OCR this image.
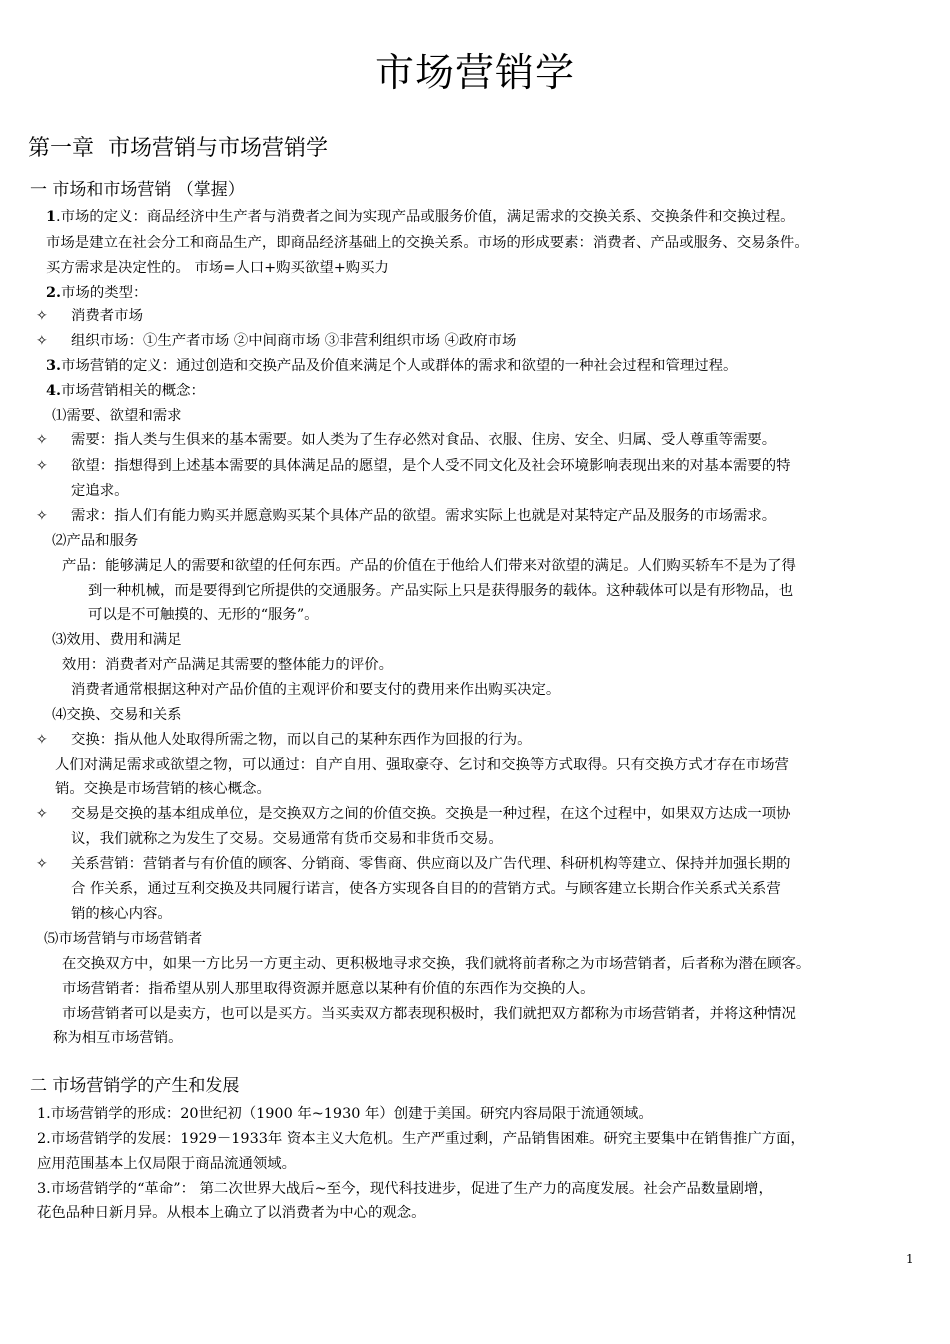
市场营销学
第一章 市场营销与市场营销学
一 市场和市场营销 （掌握）
1.市场的定义：商品经济中生产者与消费者之间为实现产品或服务价值，满足需求的交换关系、交换条件和交换过程。
市场是建立在社会分工和商品生产，即商品经济基础上的交换关系。市场的形成要素：消费者、产品或服务、交易条件。
买方需求是决定性的。 市场=人口+购买欲望+购买力
2.市场的类型：
✧ 消费者市场
✧ 组织市场：①生产者市场 ②中间商市场 ③非营利组织市场 ④政府市场
3.市场营销的定义：通过创造和交换产品及价值来满足个人或群体的需求和欲望的一种社会过程和管理过程。
4.市场营销相关的概念：
⑴需要、欲望和需求
✧ 需要：指人类与生俱来的基本需要。如人类为了生存必然对食品、衣服、住房、安全、归属、受人尊重等需要。
✧ 欲望：指想得到上述基本需要的具体满足品的愿望，是个人受不同文化及社会环境影响表现出来的对基本需要的特
定追求。
✧ 需求：指人们有能力购买并愿意购买某个具体产品的欲望。需求实际上也就是对某特定产品及服务的市场需求。
⑵产品和服务
产品：能够满足人的需要和欲望的任何东西。产品的价值在于他给人们带来对欲望的满足。人们购买轿车不是为了得
到一种机械，而是要得到它所提供的交通服务。产品实际上只是获得服务的载体。这种载体可以是有形物品，也
可以是不可触摸的、无形的“服务”。
⑶效用、费用和满足
效用：消费者对产品满足其需要的整体能力的评价。
消费者通常根据这种对产品价值的主观评价和要支付的费用来作出购买决定。
⑷交换、交易和关系
✧ 交换：指从他人处取得所需之物，而以自己的某种东西作为回报的行为。
人们对满足需求或欲望之物，可以通过：自产自用、强取豪夺、乞讨和交换等方式取得。只有交换方式才存在市场营
销。交换是市场营销的核心概念。
✧ 交易是交换的基本组成单位，是交换双方之间的价值交换。交换是一种过程，在这个过程中，如果双方达成一项协
议，我们就称之为发生了交易。交易通常有货币交易和非货币交易。
✧ 关系营销：营销者与有价值的顾客、分销商、零售商、供应商以及广告代理、科研机构等建立、保持并加强长期的
合 作关系，通过互利交换及共同履行诺言，使各方实现各自目的的营销方式。与顾客建立长期合作关系式关系营
销的核心内容。
⑸市场营销与市场营销者
在交换双方中，如果一方比另一方更主动、更积极地寻求交换，我们就将前者称之为市场营销者，后者称为潜在顾客。
市场营销者：指希望从别人那里取得资源并愿意以某种有价值的东西作为交换的人。
市场营销者可以是卖方，也可以是买方。当买卖双方都表现积极时，我们就把双方都称为市场营销者，并将这种情况
称为相互市场营销。
二 市场营销学的产生和发展
1.市场营销学的形成：20世纪初（1900 年~1930 年）创建于美国。研究内容局限于流通领域。
2.市场营销学的发展：1929－1933年 资本主义大危机。生产严重过剩，产品销售困难。研究主要集中在销售推广方面，
应用范围基本上仅局限于商品流通领域。
3.市场营销学的“革命”： 第二次世界大战后~至今，现代科技进步，促进了生产力的高度发展。社会产品数量剧增，
花色品种日新月异。从根本上确立了以消费者为中心的观念。
1
